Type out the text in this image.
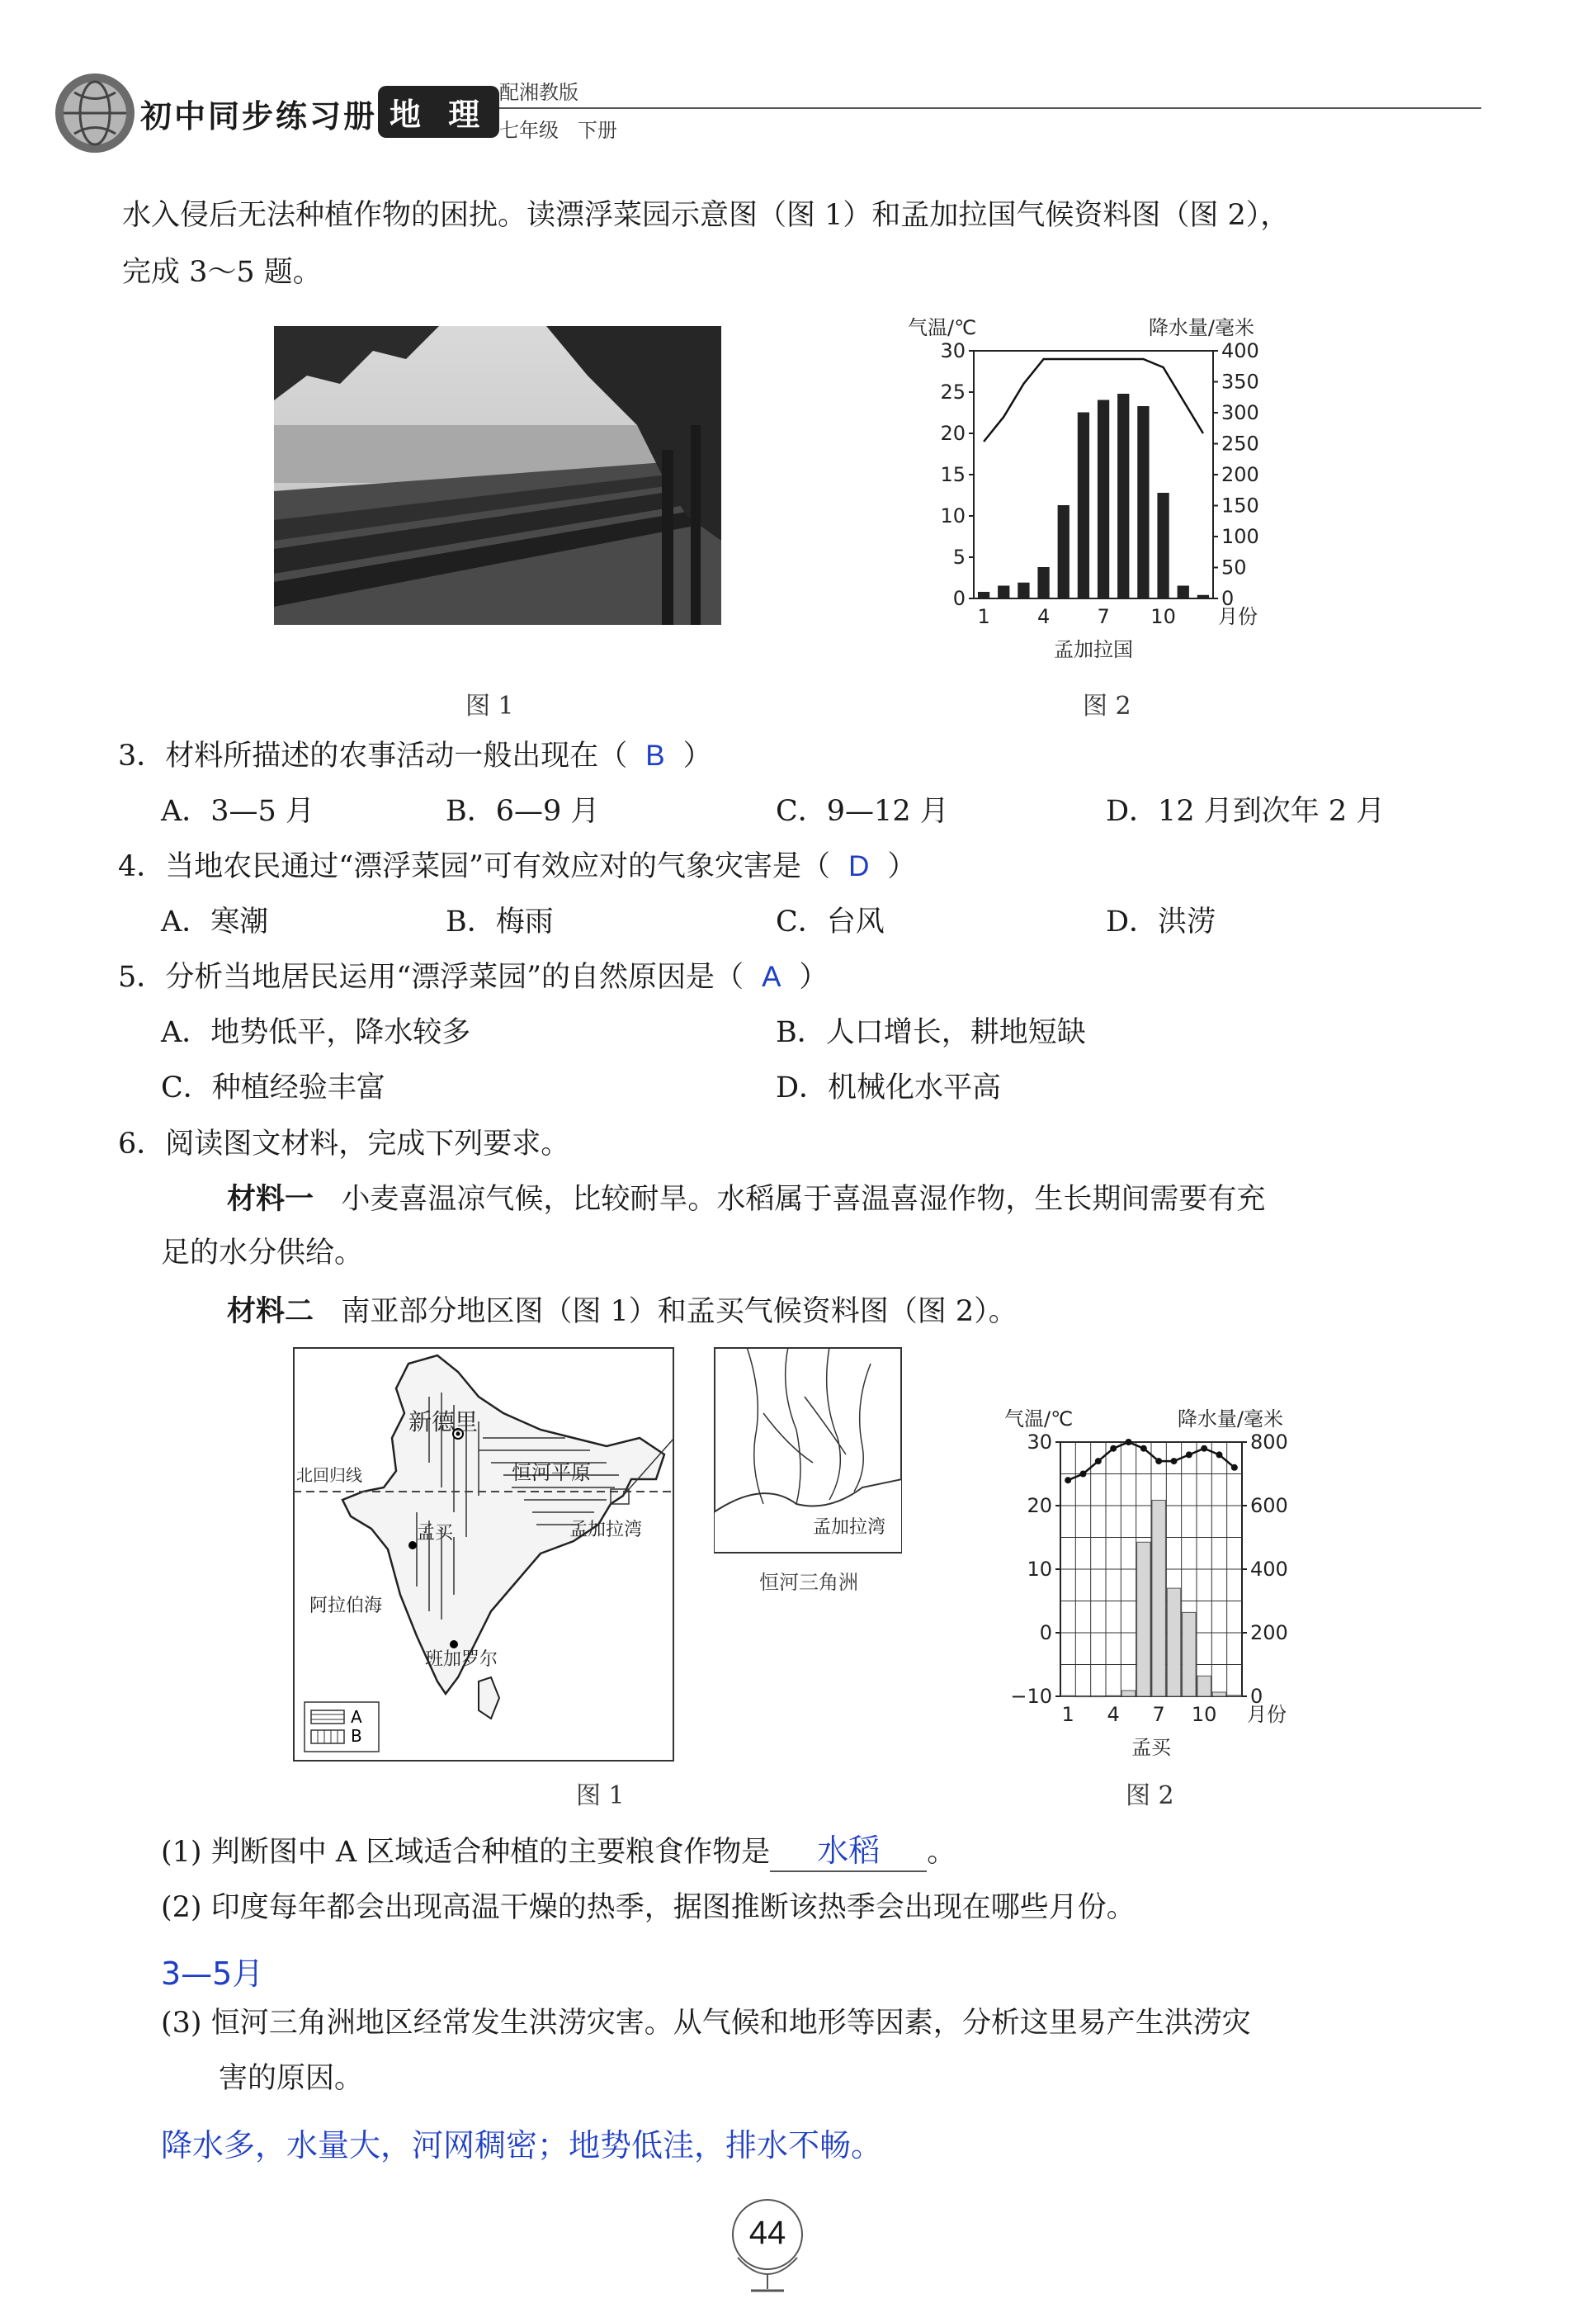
初中同步练习册 地 理
配湘教版
七年级 下册
水入侵后无法种植作物的困扰。读漂浮菜园示意图（图 1）和孟加拉国气候资料图（图 2），
完成 3～5 题。
图 1
0
5
10
15
20
25
30
0
50
100
150
200
250
300
350
400
1 4 7 10 月份
气温/℃	降水量/毫米
孟加拉国
图 2
3．材料所描述的农事活动一般出现在（ B ）
A．3—5 月	B．6—9 月	C．9—12 月	D．12 月到次年 2 月
4．当地农民通过“漂浮菜园”可有效应对的气象灾害是（ D ）
A．寒潮	B．梅雨	C．台风	D．洪涝
5．分析当地居民运用“漂浮菜园”的自然原因是（ A ）
A．地势低平，降水较多	B．人口增长，耕地短缺
C．种植经验丰富	D．机械化水平高
6．阅读图文材料，完成下列要求。
材料一 小麦喜温凉气候，比较耐旱。水稻属于喜温喜湿作物，生长期间需要有充
足的水分供给。
材料二 南亚部分地区图（图 1）和孟买气候资料图（图 2）。
新德里
北回归线	恒河平原
孟买	孟加拉湾
阿拉伯海
班加罗尔
A
B
孟加拉湾
恒河三角洲
图 1
−10
0
10
20
30
0
200
400
600
800
1 4 7 10 月份
气温/℃	降水量/毫米
孟买
图 2
(1) 判断图中 A 区域适合种植的主要粮食作物是 水稻 。
(2) 印度每年都会出现高温干燥的热季，据图推断该热季会出现在哪些月份。
3—5月
(3) 恒河三角洲地区经常发生洪涝灾害。从气候和地形等因素，分析这里易产生洪涝灾
害的原因。
降水多，水量大，河网稠密；地势低洼，排水不畅。
44
